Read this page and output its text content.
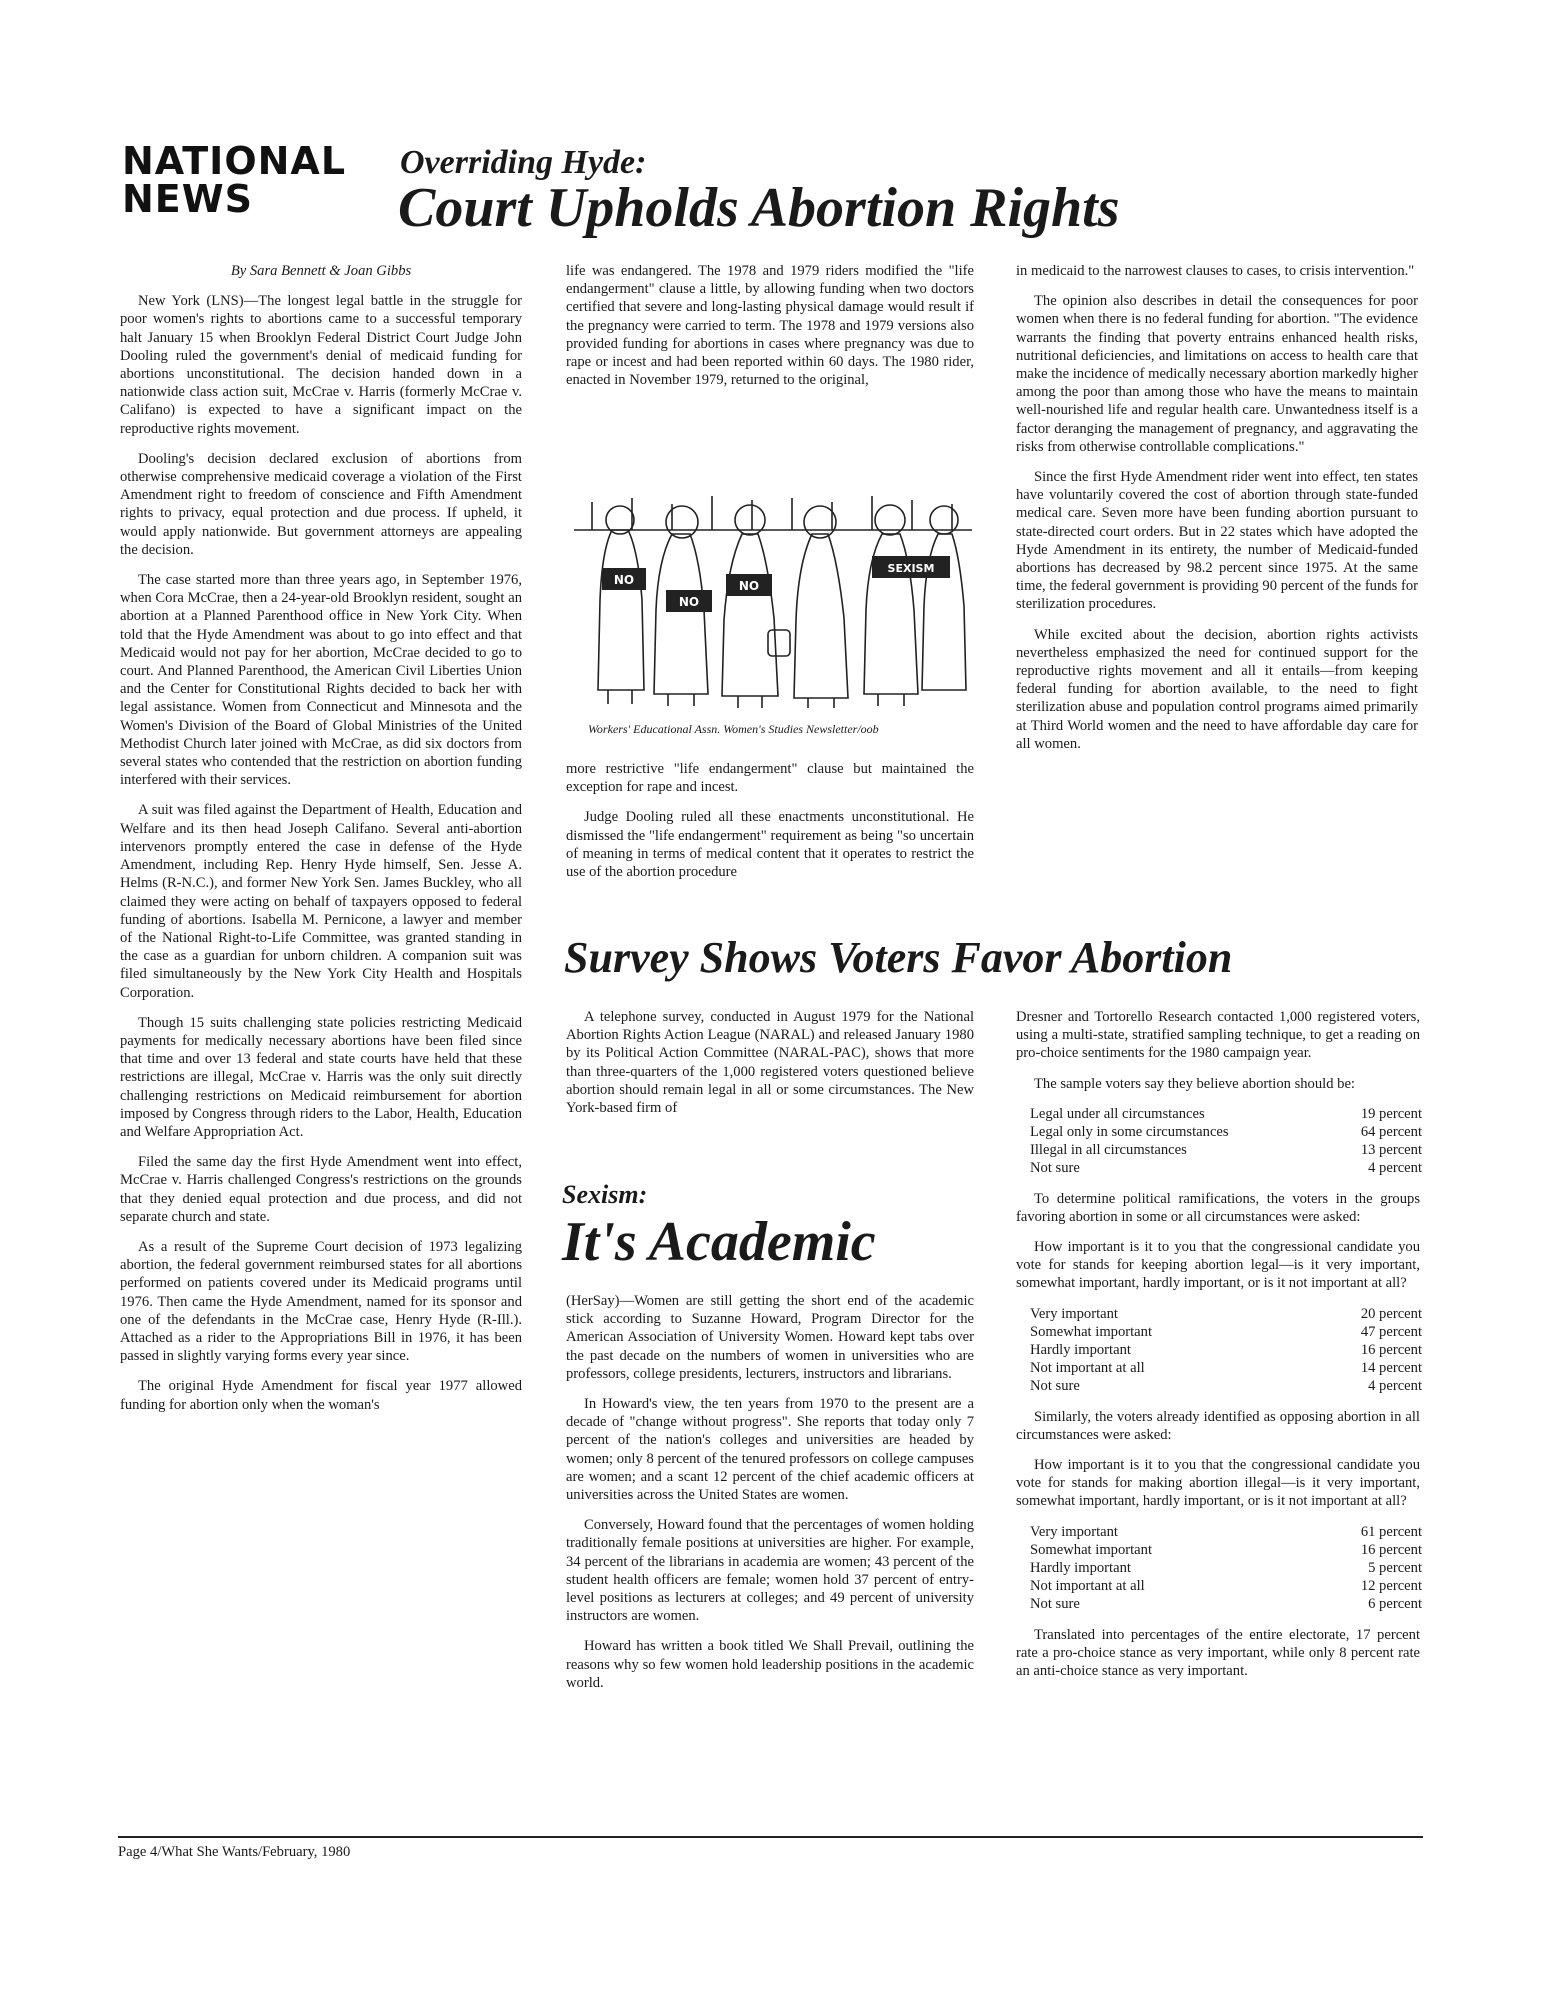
NATIONAL
NEWS
Overriding Hyde:
Court Upholds Abortion Rights

By Sara Bennett & Joan Gibbs

New York (LNS)—The longest legal battle in the struggle for poor women's rights to abortions came to a successful temporary halt January 15 when Brooklyn Federal District Court Judge John Dooling ruled the government's denial of medicaid funding for abortions unconstitutional. The decision handed down in a nationwide class action suit, McCrae v. Harris (formerly McCrae v. Califano) is expected to have a significant impact on the reproductive rights movement.

Dooling's decision declared exclusion of abortions from otherwise comprehensive medicaid coverage a violation of the First Amendment right to freedom of conscience and Fifth Amendment rights to privacy, equal protection and due process. If upheld, it would apply nationwide. But government attorneys are appealing the decision.

The case started more than three years ago, in September 1976, when Cora McCrae, then a 24-year-old Brooklyn resident, sought an abortion at a Planned Parenthood office in New York City. When told that the Hyde Amendment was about to go into effect and that Medicaid would not pay for her abortion, McCrae decided to go to court. And Planned Parenthood, the American Civil Liberties Union and the Center for Constitutional Rights decided to back her with legal assistance. Women from Connecticut and Minnesota and the Women's Division of the Board of Global Ministries of the United Methodist Church later joined with McCrae, as did six doctors from several states who contended that the restriction on abortion funding interfered with their services.

A suit was filed against the Department of Health, Education and Welfare and its then head Joseph Califano. Several anti-abortion intervenors promptly entered the case in defense of the Hyde Amendment, including Rep. Henry Hyde himself, Sen. Jesse A. Helms (R-N.C.), and former New York Sen. James Buckley, who all claimed they were acting on behalf of taxpayers opposed to federal funding of abortions. Isabella M. Pernicone, a lawyer and member of the National Right-to-Life Committee, was granted standing in the case as a guardian for unborn children. A companion suit was filed simultaneously by the New York City Health and Hospitals Corporation.

Though 15 suits challenging state policies restricting Medicaid payments for medically necessary abortions have been filed since that time and over 13 federal and state courts have held that these restrictions are illegal, McCrae v. Harris was the only suit directly challenging restrictions on Medicaid reimbursement for abortion imposed by Congress through riders to the Labor, Health, Education and Welfare Appropriation Act.

Filed the same day the first Hyde Amendment went into effect, McCrae v. Harris challenged Congress's restrictions on the grounds that they denied equal protection and due process, and did not separate church and state.

As a result of the Supreme Court decision of 1973 legalizing abortion, the federal government reimbursed states for all abortions performed on patients covered under its Medicaid programs until 1976. Then came the Hyde Amendment, named for its sponsor and one of the defendants in the McCrae case, Henry Hyde (R-Ill.). Attached as a rider to the Appropriations Bill in 1976, it has been passed in slightly varying forms every year since.

The original Hyde Amendment for fiscal year 1977 allowed funding for abortion only when the woman's

life was endangered. The 1978 and 1979 riders modified the "life endangerment" clause a little, by allowing funding when two doctors certified that severe and long-lasting physical damage would result if the pregnancy were carried to term. The 1978 and 1979 versions also provided funding for abortions in cases where pregnancy was due to rape or incest and had been reported within 60 days. The 1980 rider, enacted in November 1979, returned to the original,

NO
NO
NO
SEXISM
Workers' Educational Assn. Women's Studies Newsletter/oob

more restrictive "life endangerment" clause but maintained the exception for rape and incest.

Judge Dooling ruled all these enactments unconstitutional. He dismissed the "life endangerment" requirement as being "so uncertain of meaning in terms of medical content that it operates to restrict the use of the abortion procedure

in medicaid to the narrowest clauses to cases, to crisis intervention."

The opinion also describes in detail the consequences for poor women when there is no federal funding for abortion. "The evidence warrants the finding that poverty entrains enhanced health risks, nutritional deficiencies, and limitations on access to health care that make the incidence of medically necessary abortion markedly higher among the poor than among those who have the means to maintain well-nourished life and regular health care. Unwantedness itself is a factor deranging the management of pregnancy, and aggravating the risks from otherwise controllable complications."

Since the first Hyde Amendment rider went into effect, ten states have voluntarily covered the cost of abortion through state-funded medical care. Seven more have been funding abortion pursuant to state-directed court orders. But in 22 states which have adopted the Hyde Amendment in its entirety, the number of Medicaid-funded abortions has decreased by 98.2 percent since 1975. At the same time, the federal government is providing 90 percent of the funds for sterilization procedures.

While excited about the decision, abortion rights activists nevertheless emphasized the need for continued support for the reproductive rights movement and all it entails—from keeping federal funding for abortion available, to the need to fight sterilization abuse and population control programs aimed primarily at Third World women and the need to have affordable day care for all women.

Survey Shows Voters Favor Abortion

A telephone survey, conducted in August 1979 for the National Abortion Rights Action League (NARAL) and released January 1980 by its Political Action Committee (NARAL-PAC), shows that more than three-quarters of the 1,000 registered voters questioned believe abortion should remain legal in all or some circumstances. The New York-based firm of

Sexism:
It's Academic

(HerSay)—Women are still getting the short end of the academic stick according to Suzanne Howard, Program Director for the American Association of University Women. Howard kept tabs over the past decade on the numbers of women in universities who are professors, college presidents, lecturers, instructors and librarians.

In Howard's view, the ten years from 1970 to the present are a decade of "change without progress". She reports that today only 7 percent of the nation's colleges and universities are headed by women; only 8 percent of the tenured professors on college campuses are women; and a scant 12 percent of the chief academic officers at universities across the United States are women.

Conversely, Howard found that the percentages of women holding traditionally female positions at universities are higher. For example, 34 percent of the librarians in academia are women; 43 percent of the student health officers are female; women hold 37 percent of entry-level positions as lecturers at colleges; and 49 percent of university instructors are women.

Howard has written a book titled We Shall Prevail, outlining the reasons why so few women hold leadership positions in the academic world.

Dresner and Tortorello Research contacted 1,000 registered voters, using a multi-state, stratified sampling technique, to get a reading on pro-choice sentiments for the 1980 campaign year.

The sample voters say they believe abortion should be:

Legal under all circumstances	19 percent
Legal only in some circumstances	64 percent
Illegal in all circumstances	13 percent
Not sure	4 percent

To determine political ramifications, the voters in the groups favoring abortion in some or all circumstances were asked:

How important is it to you that the congressional candidate you vote for stands for keeping abortion legal—is it very important, somewhat important, hardly important, or is it not important at all?

Very important	20 percent
Somewhat important	47 percent
Hardly important	16 percent
Not important at all	14 percent
Not sure	4 percent

Similarly, the voters already identified as opposing abortion in all circumstances were asked:

How important is it to you that the congressional candidate you vote for stands for making abortion illegal—is it very important, somewhat important, hardly important, or is it not important at all?

Very important	61 percent
Somewhat important	16 percent
Hardly important	5 percent
Not important at all	12 percent
Not sure	6 percent

Translated into percentages of the entire electorate, 17 percent rate a pro-choice stance as very important, while only 8 percent rate an anti-choice stance as very important.

Page 4/What She Wants/February, 1980
